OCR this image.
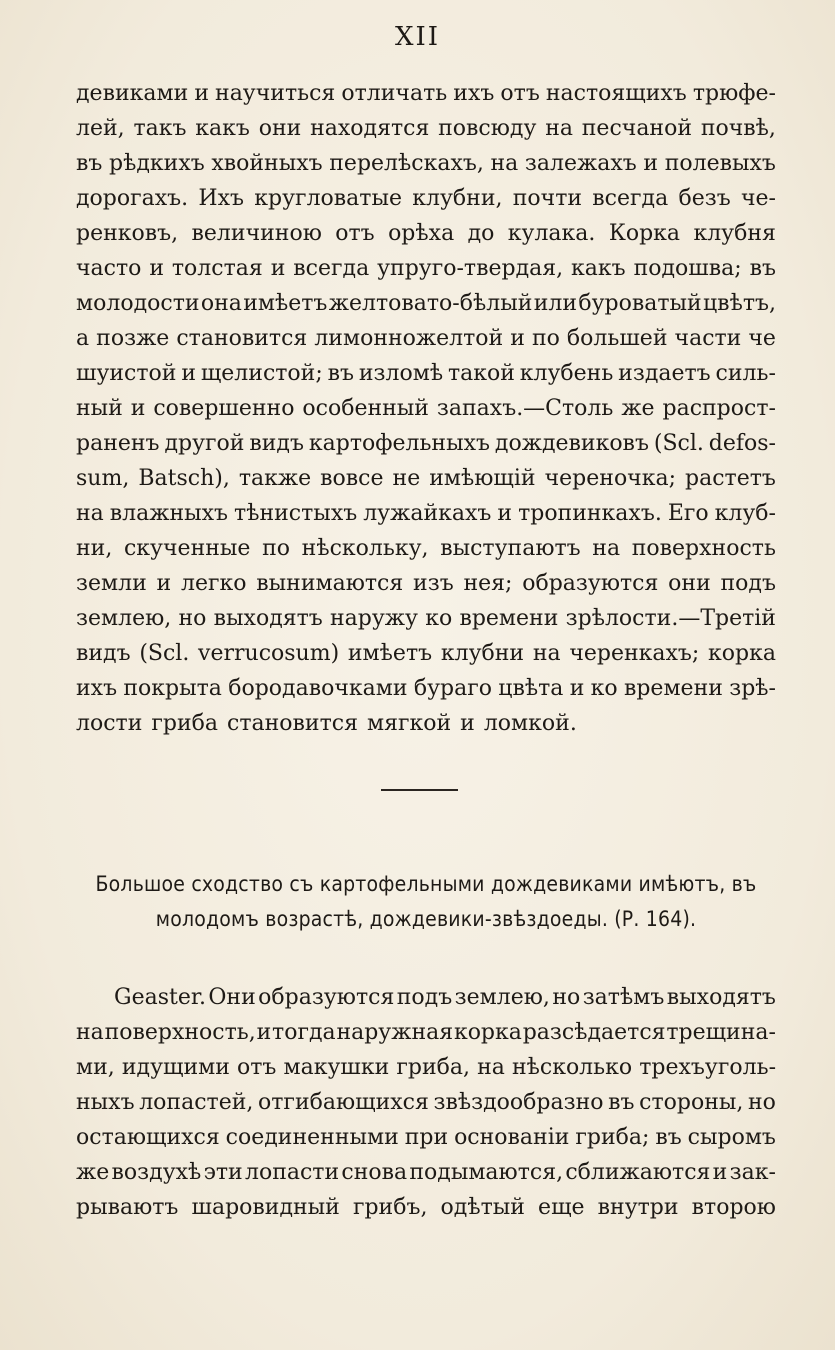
XII
девиками и научиться отличать ихъ отъ настоящихъ трюфе-
лей, такъ какъ они находятся повсюду на песчаной почвѣ,
въ рѣдкихъ хвойныхъ перелѣскахъ, на залежахъ и полевыхъ
дорогахъ. Ихъ кругловатые клубни, почти всегда безъ че-
ренковъ, величиною отъ орѣха до кулака. Корка клубня
часто и толстая и всегда упруго-твердая, какъ подошва; въ
молодости она имѣетъ желтовато-бѣлый или буроватый цвѣтъ,
а позже становится лимонножелтой и по большей части че
шуистой и щелистой; въ изломѣ такой клубень издаетъ силь-
ный и совершенно особенный запахъ.—Столь же распрост-
раненъ другой видъ картофельныхъ дождевиковъ (Scl. defos-
sum, Batsch), также вовсе не имѣющій череночка; растетъ
на влажныхъ тѣнистыхъ лужайкахъ и тропинкахъ. Его клуб-
ни, скученные по нѣскольку, выступаютъ на поверхность
земли и легко вынимаются изъ нея; образуются они подъ
землею, но выходятъ наружу ко времени зрѣлости.—Третій
видъ (Scl. verrucosum) имѣетъ клубни на черенкахъ; корка
ихъ покрыта бородавочками бураго цвѣта и ко времени зрѣ-
лости гриба становится мягкой и ломкой.
Большое сходство съ картофельными дождевиками имѣютъ, въ
молодомъ возрастѣ, дождевики-звѣздоеды. (Р. 164).
Geaster. Они образуются подъ землею, но затѣмъ выходятъ
на поверхность, и тогда наружная корка разсѣдается трещина-
ми, идущими отъ макушки гриба, на нѣсколько трехъуголь-
ныхъ лопастей, отгибающихся звѣздообразно въ стороны, но
остающихся соединенными при основаніи гриба; въ сыромъ
же воздухѣ эти лопасти снова подымаются, сближаются и зак-
рываютъ шаровидный грибъ, одѣтый еще внутри второю
